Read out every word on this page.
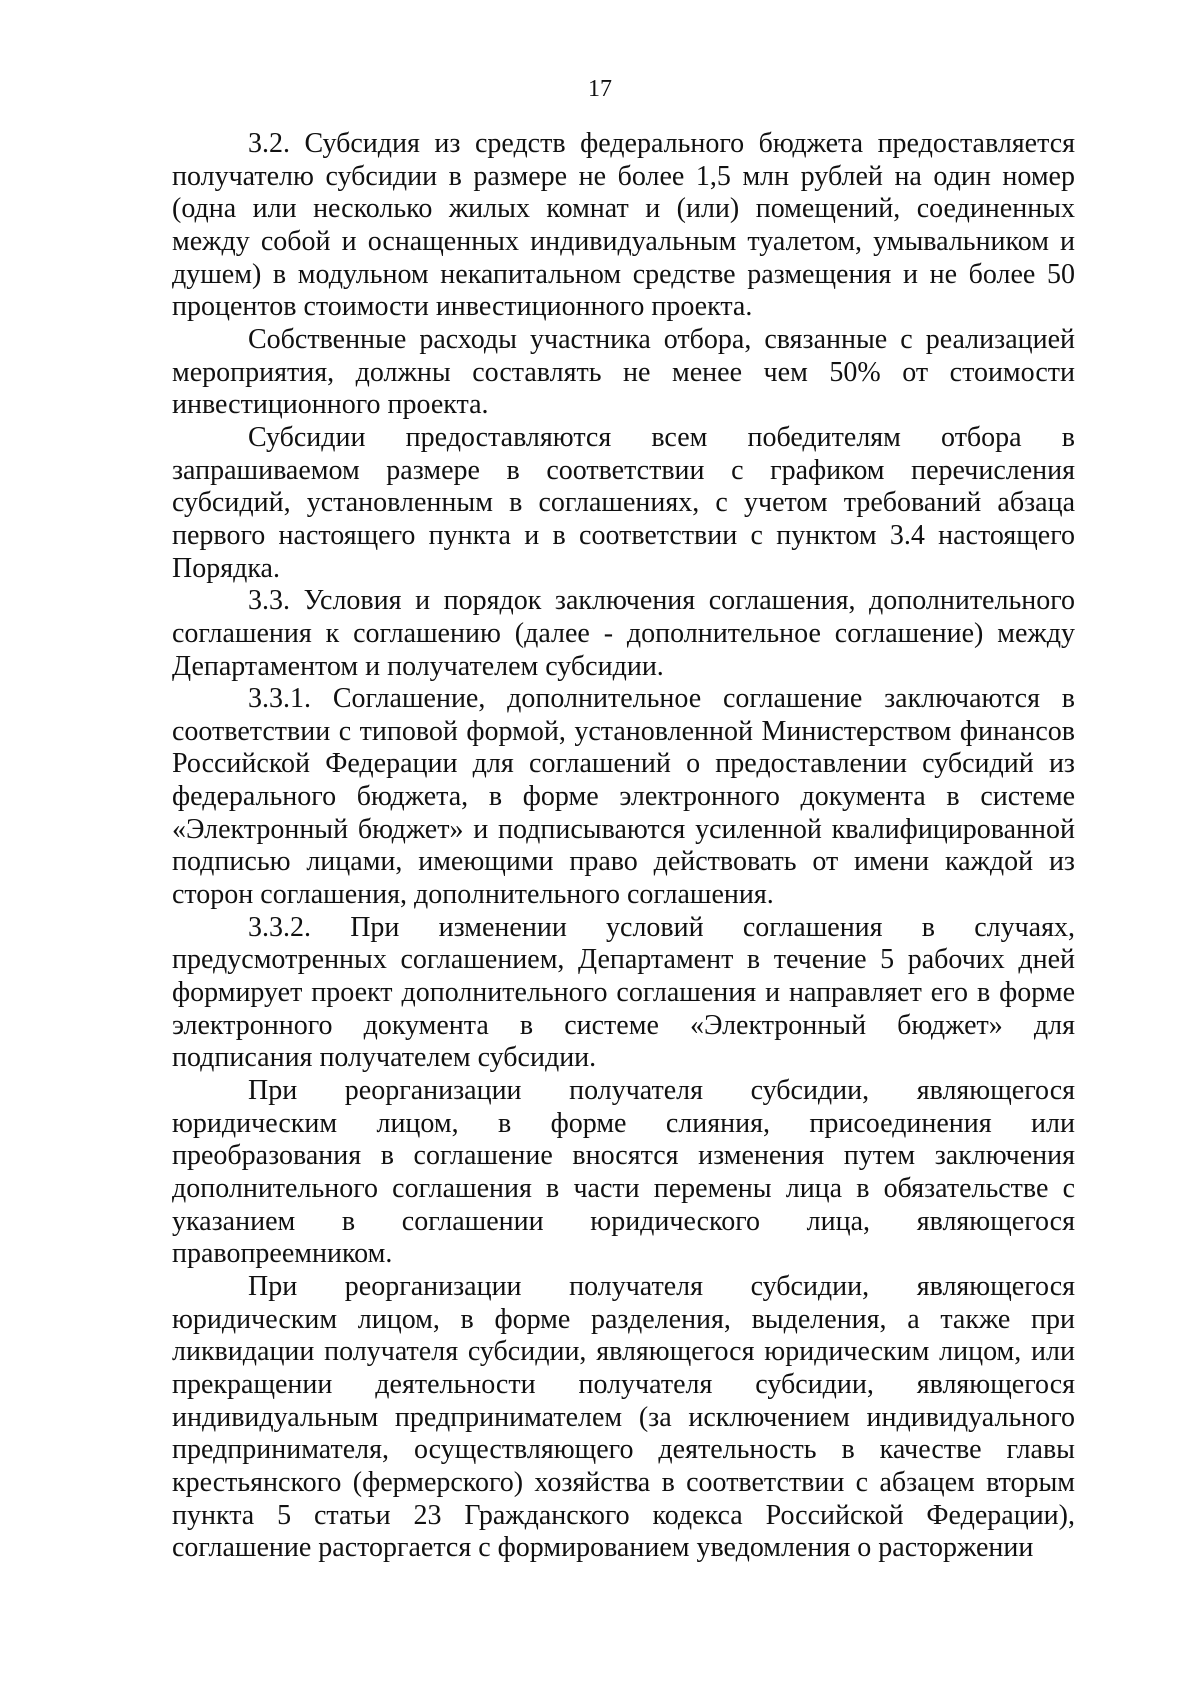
17

3.2. Субсидия из средств федерального бюджета предоставляется получателю субсидии в размере не более 1,5 млн рублей на один номер (одна или несколько жилых комнат и (или) помещений, соединенных между собой и оснащенных индивидуальным туалетом, умывальником и душем) в модульном некапитальном средстве размещения и не более 50 процентов стоимости инвестиционного проекта.

Собственные расходы участника отбора, связанные с реализацией мероприятия, должны составлять не менее чем 50% от стоимости инвестиционного проекта.

Субсидии предоставляются всем победителям отбора в запрашиваемом размере в соответствии с графиком перечисления субсидий, установленным в соглашениях, с учетом требований абзаца первого настоящего пункта и в соответствии с пунктом 3.4 настоящего Порядка.

3.3. Условия и порядок заключения соглашения, дополнительного соглашения к соглашению (далее - дополнительное соглашение) между Департаментом и получателем субсидии.

3.3.1. Соглашение, дополнительное соглашение заключаются в соответствии с типовой формой, установленной Министерством финансов Российской Федерации для соглашений о предоставлении субсидий из федерального бюджета, в форме электронного документа в системе «Электронный бюджет» и подписываются усиленной квалифицированной подписью лицами, имеющими право действовать от имени каждой из сторон соглашения, дополнительного соглашения.

3.3.2. При изменении условий соглашения в случаях, предусмотренных соглашением, Департамент в течение 5 рабочих дней формирует проект дополнительного соглашения и направляет его в форме электронного документа в системе «Электронный бюджет» для подписания получателем субсидии.

При реорганизации получателя субсидии, являющегося юридическим лицом, в форме слияния, присоединения или преобразования в соглашение вносятся изменения путем заключения дополнительного соглашения в части перемены лица в обязательстве с указанием в соглашении юридического лица, являющегося правопреемником.

При реорганизации получателя субсидии, являющегося юридическим лицом, в форме разделения, выделения, а также при ликвидации получателя субсидии, являющегося юридическим лицом, или прекращении деятельности получателя субсидии, являющегося индивидуальным предпринимателем (за исключением индивидуального предпринимателя, осуществляющего деятельность в качестве главы крестьянского (фермерского) хозяйства в соответствии с абзацем вторым пункта 5 статьи 23 Гражданского кодекса Российской Федерации), соглашение расторгается с формированием уведомления о расторжении
